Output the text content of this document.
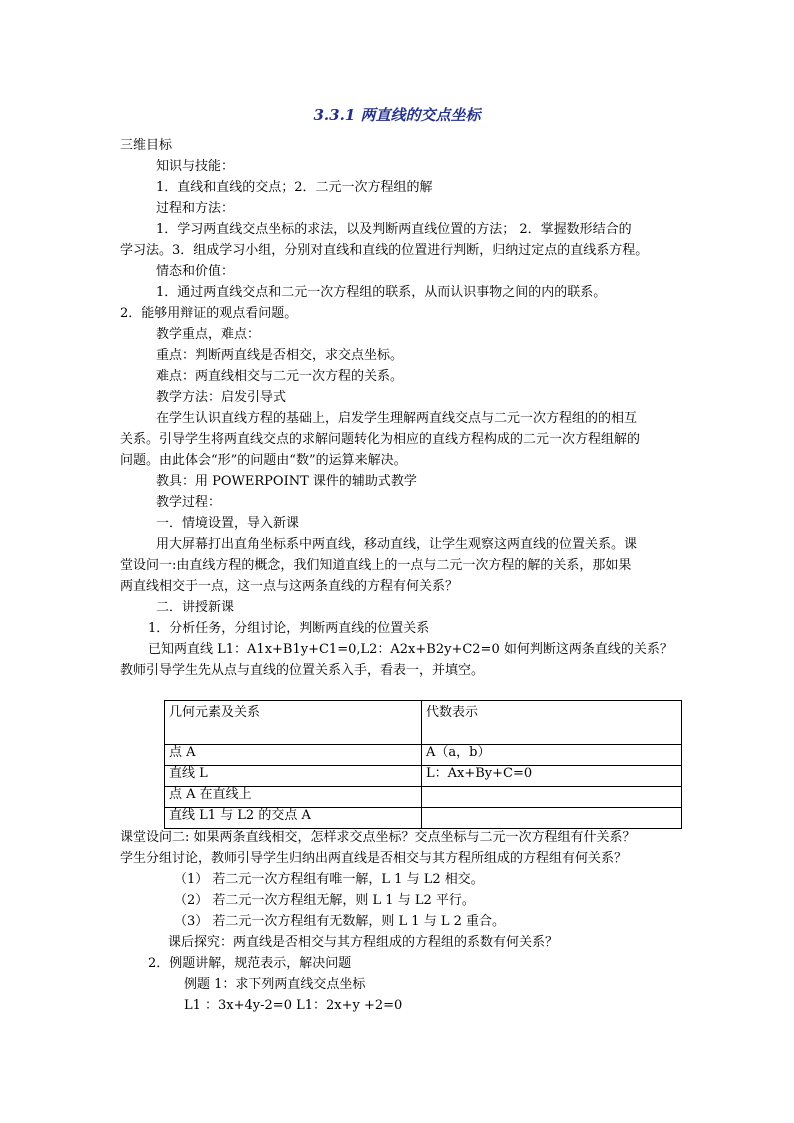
3.3.1 两直线的交点坐标
三维目标
知识与技能：
1．直线和直线的交点；2．二元一次方程组的解
过程和方法：
1．学习两直线交点坐标的求法，以及判断两直线位置的方法； 2．掌握数形结合的
学习法。3．组成学习小组，分别对直线和直线的位置进行判断，归纳过定点的直线系方程。
情态和价值：
1．通过两直线交点和二元一次方程组的联系，从而认识事物之间的内的联系。
2．能够用辩证的观点看问题。
教学重点，难点：
重点：判断两直线是否相交，求交点坐标。
难点：两直线相交与二元一次方程的关系。
教学方法：启发引导式
在学生认识直线方程的基础上，启发学生理解两直线交点与二元一次方程组的的相互
关系。引导学生将两直线交点的求解问题转化为相应的直线方程构成的二元一次方程组解的
问题。由此体会“形”的问题由“数”的运算来解决。
教具：用 POWERPOINT 课件的辅助式教学
教学过程：
一．情境设置，导入新课
用大屏幕打出直角坐标系中两直线，移动直线，让学生观察这两直线的位置关系。课
堂设问一:由直线方程的概念，我们知道直线上的一点与二元一次方程的解的关系，那如果
两直线相交于一点，这一点与这两条直线的方程有何关系？
二．讲授新课
1．分析任务，分组讨论，判断两直线的位置关系
已知两直线 L1：A1x+B1y+C1=0,L2：A2x+B2y+C2=0 如何判断这两条直线的关系？
教师引导学生先从点与直线的位置关系入手，看表一，并填空。
几何元素及关系	代数表示
点 A	A（a，b）
直线 L	L：Ax+By+C=0
点 A 在直线上	
直线 L1 与 L2 的交点 A	
课堂设问二: 如果两条直线相交，怎样求交点坐标？交点坐标与二元一次方程组有什关系？
学生分组讨论，教师引导学生归纳出两直线是否相交与其方程所组成的方程组有何关系？
（1） 若二元一次方程组有唯一解，L 1 与 L2 相交。
（2） 若二元一次方程组无解，则 L 1 与 L2 平行。
（3） 若二元一次方程组有无数解，则 L 1 与 L 2 重合。
课后探究：两直线是否相交与其方程组成的方程组的系数有何关系？
2．例题讲解，规范表示，解决问题
例题 1：求下列两直线交点坐标
L1 ：3x+4y-2=0 L1：2x+y +2=0
